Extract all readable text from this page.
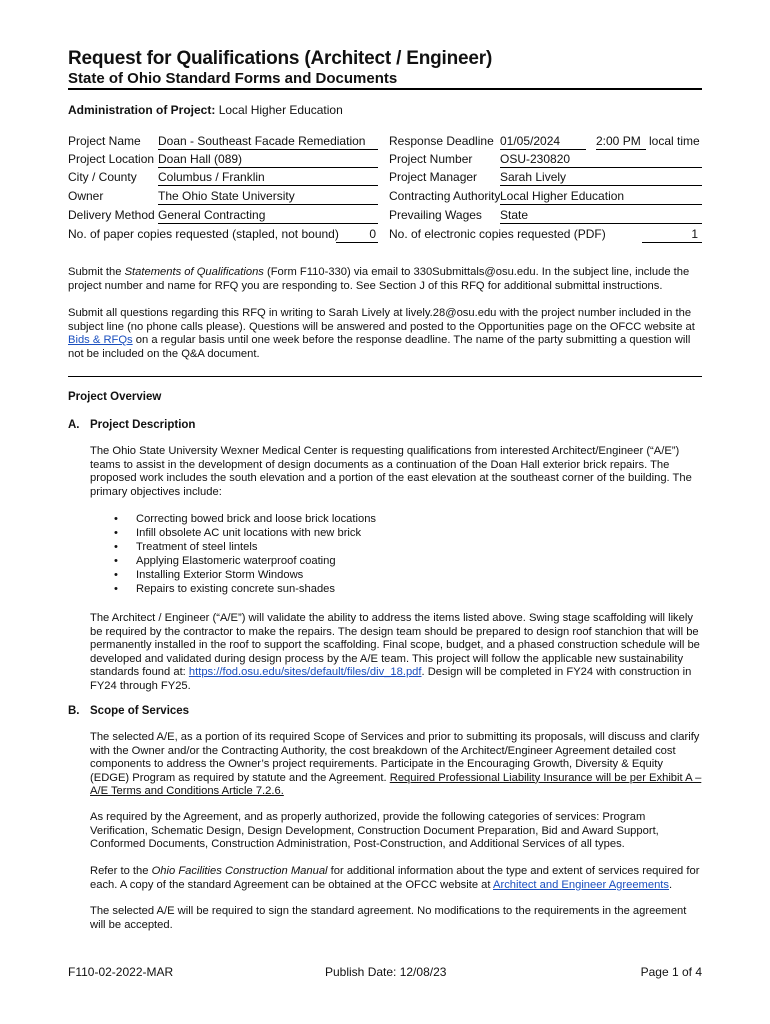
Request for Qualifications (Architect / Engineer)
State of Ohio Standard Forms and Documents
Administration of Project: Local Higher Education
Project Name Doan - Southeast Facade Remediation	Response Deadline 01/05/2024	2:00 PM local time
Project Location Doan Hall (089)	Project Number OSU-230820
City / County Columbus / Franklin	Project Manager Sarah Lively
Owner	The Ohio State University	Contracting Authority Local Higher Education
Delivery Method General Contracting	Prevailing Wages State
No. of paper copies requested (stapled, not bound)	0 No. of electronic copies requested (PDF)	1
Submit the Statements of Qualifications (Form F110-330) via email to 330Submittals@osu.edu. In the subject line, include the project number and name for RFQ you are responding to. See Section J of this RFQ for additional submittal instructions.
Submit all questions regarding this RFQ in writing to Sarah Lively at lively.28@osu.edu with the project number included in the subject line (no phone calls please). Questions will be answered and posted to the Opportunities page on the OFCC website at Bids & RFQs on a regular basis until one week before the response deadline. The name of the party submitting a question will not be included on the Q&A document.
Project Overview
A. Project Description
The Ohio State University Wexner Medical Center is requesting qualifications from interested Architect/Engineer (“A/E”) teams to assist in the development of design documents as a continuation of the Doan Hall exterior brick repairs. The proposed work includes the south elevation and a portion of the east elevation at the southeast corner of the building. The primary objectives include:
• Correcting bowed brick and loose brick locations
• Infill obsolete AC unit locations with new brick
• Treatment of steel lintels
• Applying Elastomeric waterproof coating
• Installing Exterior Storm Windows
• Repairs to existing concrete sun-shades
The Architect / Engineer (“A/E”) will validate the ability to address the items listed above. Swing stage scaffolding will likely be required by the contractor to make the repairs. The design team should be prepared to design roof stanchion that will be permanently installed in the roof to support the scaffolding. Final scope, budget, and a phased construction schedule will be developed and validated during design process by the A/E team. This project will follow the applicable new sustainability standards found at: https://fod.osu.edu/sites/default/files/div_18.pdf. Design will be completed in FY24 with construction in FY24 through FY25.
B. Scope of Services
The selected A/E, as a portion of its required Scope of Services and prior to submitting its proposals, will discuss and clarify with the Owner and/or the Contracting Authority, the cost breakdown of the Architect/Engineer Agreement detailed cost components to address the Owner’s project requirements. Participate in the Encouraging Growth, Diversity & Equity (EDGE) Program as required by statute and the Agreement. Required Professional Liability Insurance will be per Exhibit A – A/E Terms and Conditions Article 7.2.6.
As required by the Agreement, and as properly authorized, provide the following categories of services: Program Verification, Schematic Design, Design Development, Construction Document Preparation, Bid and Award Support, Conformed Documents, Construction Administration, Post-Construction, and Additional Services of all types.
Refer to the Ohio Facilities Construction Manual for additional information about the type and extent of services required for each. A copy of the standard Agreement can be obtained at the OFCC website at Architect and Engineer Agreements.
The selected A/E will be required to sign the standard agreement. No modifications to the requirements in the agreement will be accepted.
F110-02-2022-MAR	Publish Date: 12/08/23	Page 1 of 4
